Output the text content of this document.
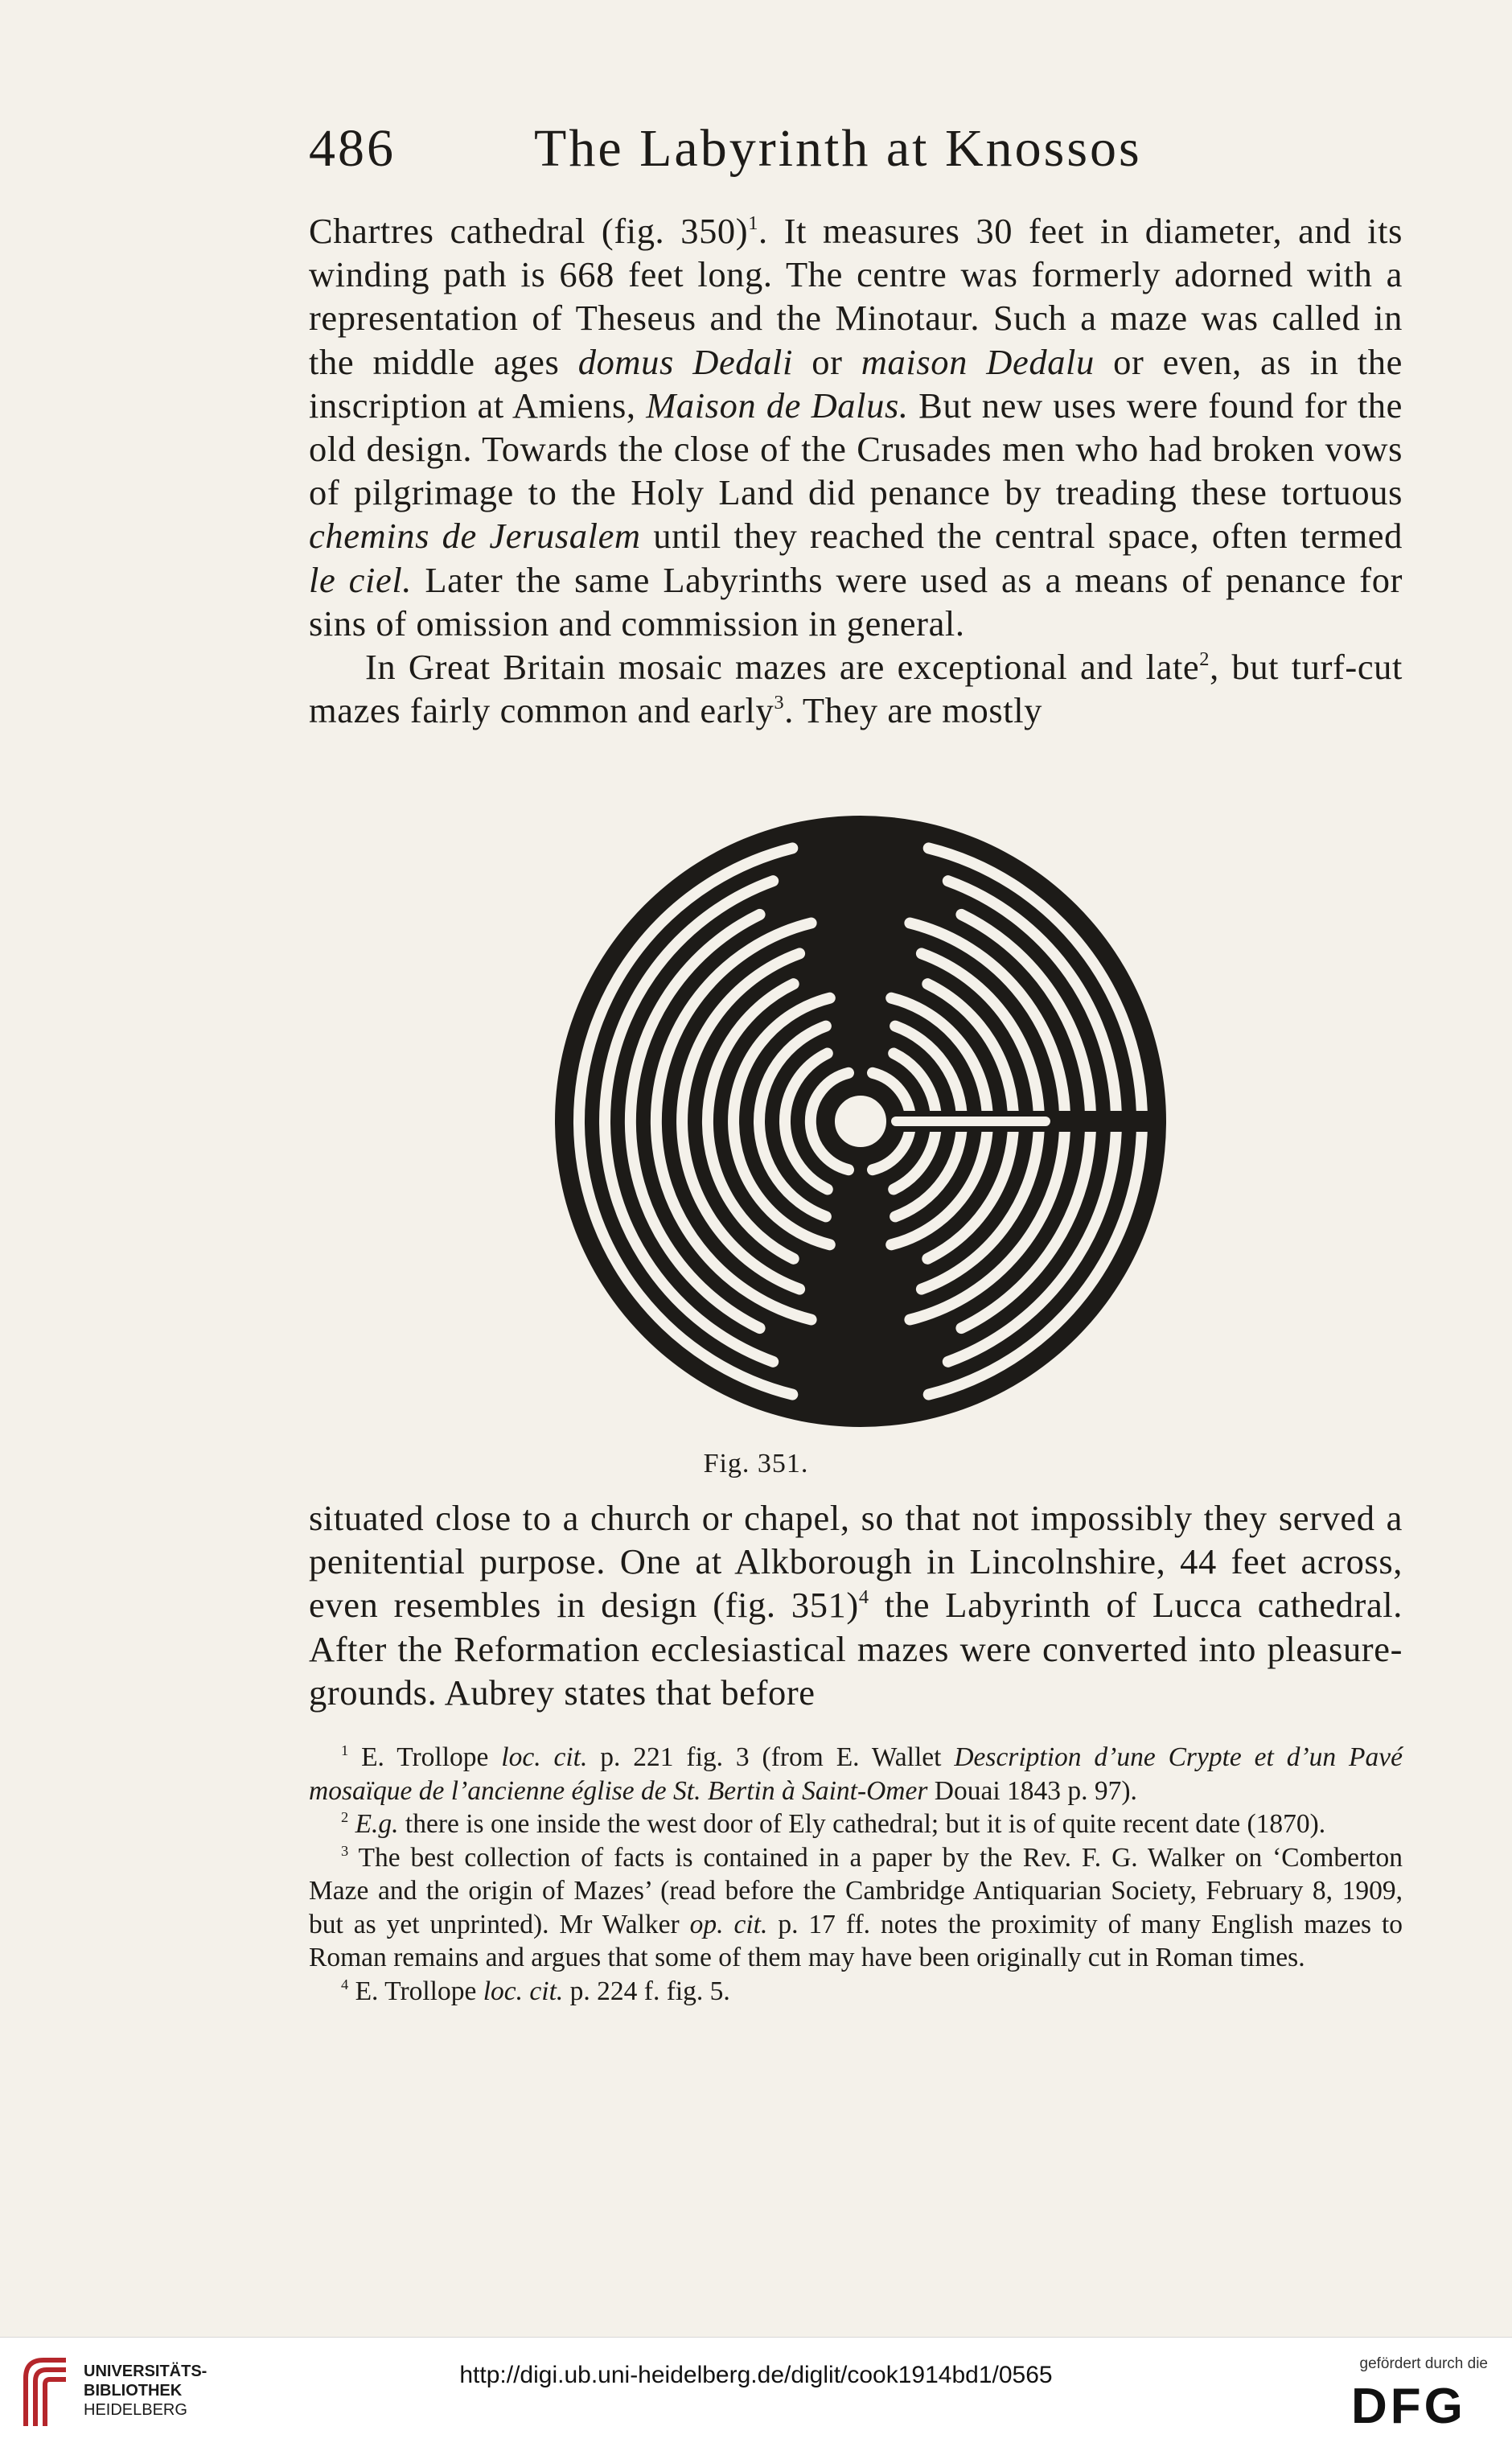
486	The Labyrinth at Knossos

Chartres cathedral (fig. 350)$^1$. It measures 30 feet in diameter, and its winding path is 668 feet long. The centre was formerly adorned with a representation of Theseus and the Minotaur. Such a maze was called in the middle ages domus Dedali or maison Dedalu or even, as in the inscription at Amiens, Maison de Dalus. But new uses were found for the old design. Towards the close of the Crusades men who had broken vows of pilgrimage to the Holy Land did penance by treading these tortuous chemins de Jerusalem until they reached the central space, often termed le ciel. Later the same Labyrinths were used as a means of penance for sins of omission and commission in general.

In Great Britain mosaic mazes are exceptional and late$^2$, but turf-cut mazes fairly common and early$^3$. They are mostly

Fig. 351.

situated close to a church or chapel, so that not impossibly they served a penitential purpose. One at Alkborough in Lincolnshire, 44 feet across, even resembles in design (fig. 351)$^4$ the Labyrinth of Lucca cathedral. After the Reformation ecclesiastical mazes were converted into pleasure-grounds. Aubrey states that before

$^1$ E. Trollope loc. cit. p. 221 fig. 3 (from E. Wallet Description d’une Crypte et d’un Pavé mosaïque de l’ancienne église de St. Bertin à Saint-Omer Douai 1843 p. 97).

$^2$ E.g. there is one inside the west door of Ely cathedral; but it is of quite recent date (1870).

$^3$ The best collection of facts is contained in a paper by the Rev. F. G. Walker on ‘Comberton Maze and the origin of Mazes’ (read before the Cambridge Antiquarian Society, February 8, 1909, but as yet unprinted). Mr Walker op. cit. p. 17 ff. notes the proximity of many English mazes to Roman remains and argues that some of them may have been originally cut in Roman times.

$^4$ E. Trollope loc. cit. p. 224 f. fig. 5.

UNIVERSITÄTS-
BIBLIOTHEK
HEIDELBERG
http://digi.ub.uni-heidelberg.de/diglit/cook1914bd1/0565	gefördert durch die
DFG
